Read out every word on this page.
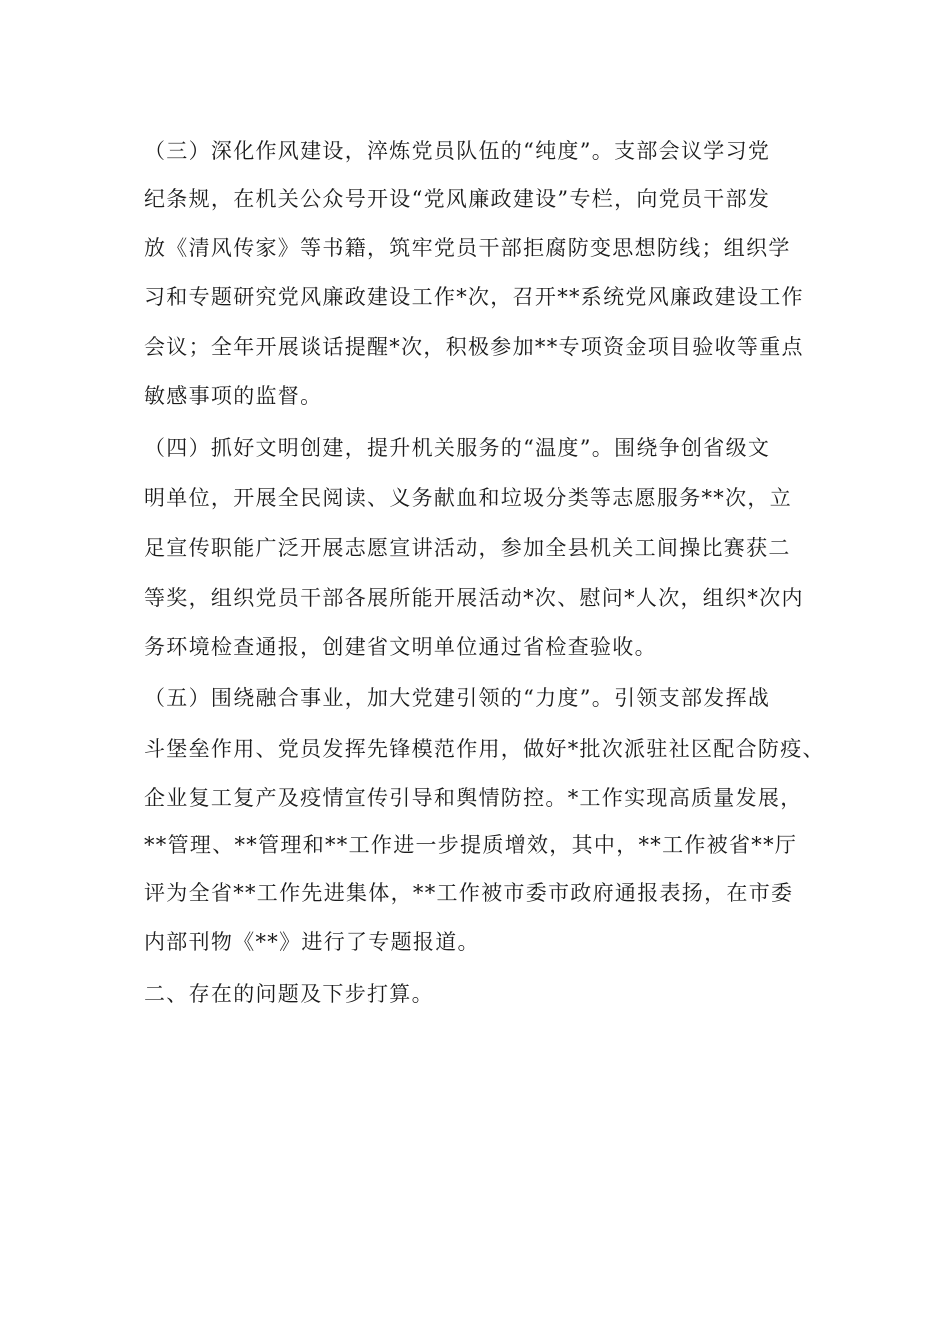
（三）深化作风建设，淬炼党员队伍的“纯度”。支部会议学习党
纪条规，在机关公众号开设“党风廉政建设”专栏，向党员干部发
放《清风传家》等书籍，筑牢党员干部拒腐防变思想防线；组织学
习和专题研究党风廉政建设工作*次，召开**系统党风廉政建设工作
会议；全年开展谈话提醒*次，积极参加**专项资金项目验收等重点
敏感事项的监督。
（四）抓好文明创建，提升机关服务的“温度”。围绕争创省级文
明单位，开展全民阅读、义务献血和垃圾分类等志愿服务**次，立
足宣传职能广泛开展志愿宣讲活动，参加全县机关工间操比赛获二
等奖，组织党员干部各展所能开展活动*次、慰问*人次，组织*次内
务环境检查通报，创建省文明单位通过省检查验收。
（五）围绕融合事业，加大党建引领的“力度”。引领支部发挥战
斗堡垒作用、党员发挥先锋模范作用，做好*批次派驻社区配合防疫、
企业复工复产及疫情宣传引导和舆情防控。*工作实现高质量发展，
**管理、**管理和**工作进一步提质增效，其中，**工作被省**厅
评为全省**工作先进集体，**工作被市委市政府通报表扬，在市委
内部刊物《**》进行了专题报道。
二、存在的问题及下步打算。
